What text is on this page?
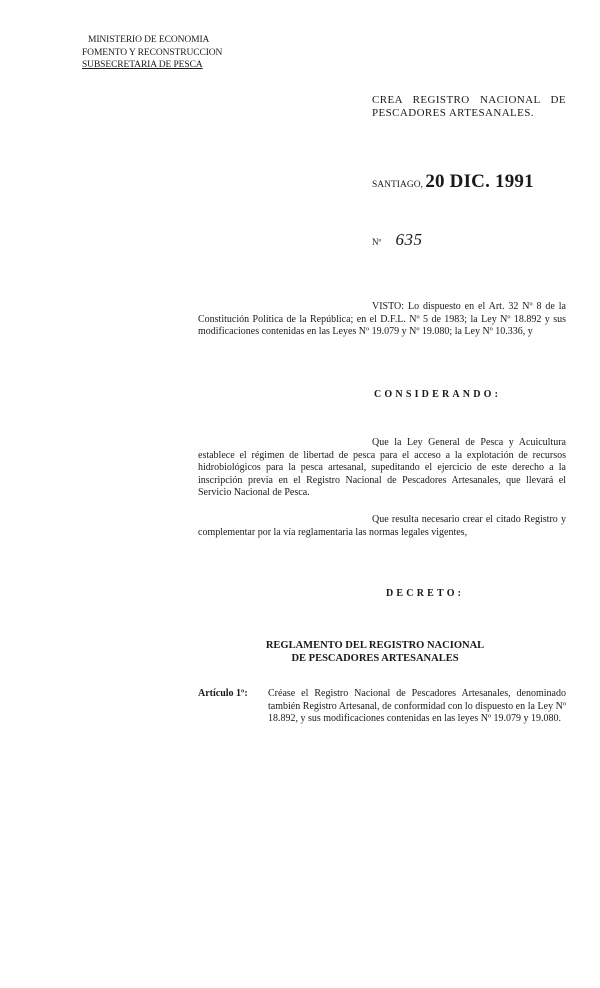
MINISTERIO DE ECONOMIA
FOMENTO Y RECONSTRUCCION
SUBSECRETARIA DE PESCA
CREA REGISTRO NACIONAL DE PESCADORES ARTESANALES.
SANTIAGO, 20 DIC. 1991
Nº 635
VISTO: Lo dispuesto en el Art. 32 Nº 8 de la Constitución Política de la República; en el D.F.L. Nº 5 de 1983; la Ley Nº 18.892 y sus modificaciones contenidas en las Leyes Nº 19.079 y Nº 19.080; la Ley Nº 10.336, y
CONSIDERANDO:
Que la Ley General de Pesca y Acuicultura establece el régimen de libertad de pesca para el acceso a la explotación de recursos hidrobiológicos para la pesca artesanal, supeditando el ejercicio de este derecho a la inscripción previa en el Registro Nacional de Pescadores Artesanales, que llevará el Servicio Nacional de Pesca.
Que resulta necesario crear el citado Registro y complementar por la vía reglamentaria las normas legales vigentes,
DECRETO:
REGLAMENTO DEL REGISTRO NACIONAL
DE PESCADORES ARTESANALES
Artículo 1º: Créase el Registro Nacional de Pescadores Artesanales, denominado también Registro Artesanal, de conformidad con lo dispuesto en la Ley Nº 18.892, y sus modificaciones contenidas en las leyes Nº 19.079 y 19.080.
